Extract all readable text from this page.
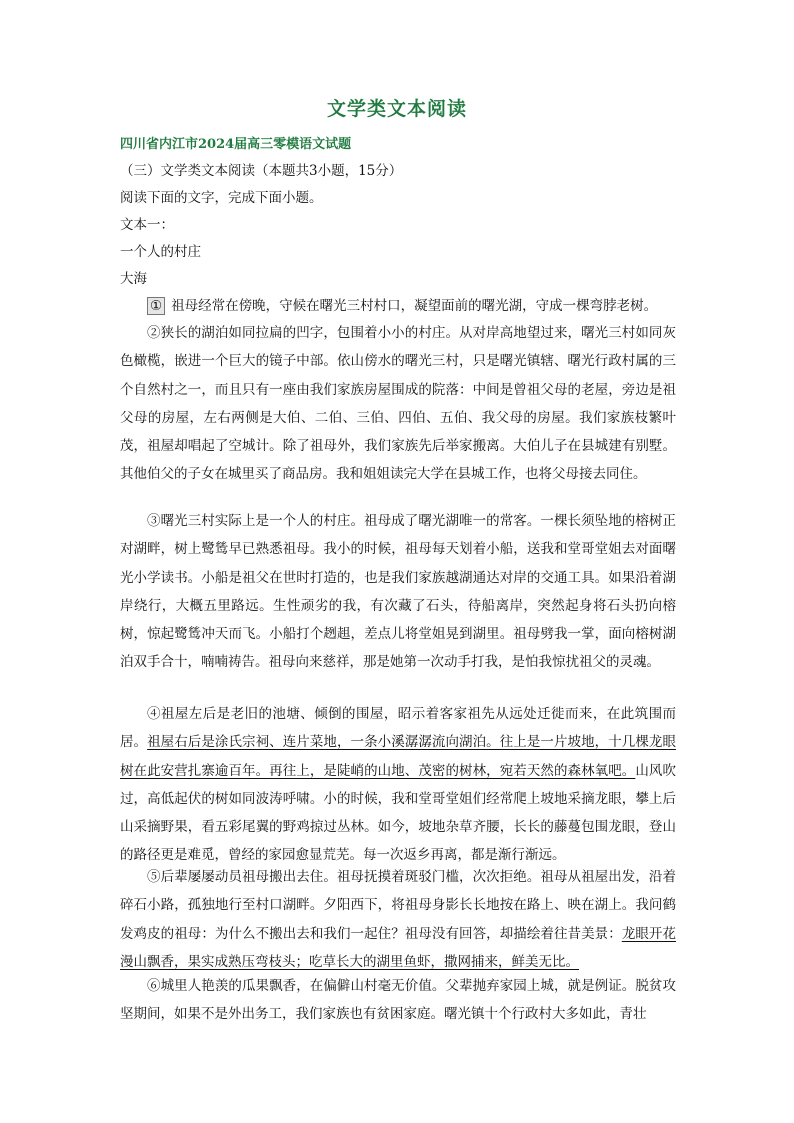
文学类文本阅读
四川省内江市2024届高三零模语文试题
（三）文学类文本阅读（本题共3小题，15分）
阅读下面的文字，完成下面小题。
文本一：
一个人的村庄
大海

① 祖母经常在傍晚，守候在曙光三村村口，凝望面前的曙光湖，守成一棵弯脖老树。

②狭长的湖泊如同拉扁的凹字，包围着小小的村庄。从对岸高地望过来，曙光三村如同灰色橄榄，嵌进一个巨大的镜子中部。依山傍水的曙光三村，只是曙光镇辖、曙光行政村属的三个自然村之一，而且只有一座由我们家族房屋围成的院落：中间是曾祖父母的老屋，旁边是祖父母的房屋，左右两侧是大伯、二伯、三伯、四伯、五伯、我父母的房屋。我们家族枝繁叶茂，祖屋却唱起了空城计。除了祖母外，我们家族先后举家搬离。大伯儿子在县城建有别墅。其他伯父的子女在城里买了商品房。我和姐姐读完大学在县城工作，也将父母接去同住。

③曙光三村实际上是一个人的村庄。祖母成了曙光湖唯一的常客。一棵长须坠地的榕树正对湖畔，树上鹭鸶早已熟悉祖母。我小的时候，祖母每天划着小船，送我和堂哥堂姐去对面曙光小学读书。小船是祖父在世时打造的，也是我们家族越湖通达对岸的交通工具。如果沿着湖岸绕行，大概五里路远。生性顽劣的我，有次藏了石头，待船离岸，突然起身将石头扔向榕树，惊起鹭鸶冲天而飞。小船打个趔趄，差点儿将堂姐晃到湖里。祖母劈我一掌，面向榕树湖泊双手合十，喃喃祷告。祖母向来慈祥，那是她第一次动手打我，是怕我惊扰祖父的灵魂。

④祖屋左后是老旧的池塘、倾倒的围屋，昭示着客家祖先从远处迁徙而来，在此筑围而居。祖屋右后是涂氏宗祠、连片菜地，一条小溪潺潺流向湖泊。往上是一片坡地，十几棵龙眼树在此安营扎寨逾百年。再往上，是陡峭的山地、茂密的树林，宛若天然的森林氧吧。山风吹过，高低起伏的树如同波涛呼啸。小的时候，我和堂哥堂姐们经常爬上坡地采摘龙眼，攀上后山采摘野果，看五彩尾翼的野鸡掠过丛林。如今，坡地杂草齐腰，长长的藤蔓包围龙眼，登山的路径更是难觅，曾经的家园愈显荒芜。每一次返乡再离，都是渐行渐远。

⑤后辈屡屡动员祖母搬出去住。祖母抚摸着斑驳门槛，次次拒绝。祖母从祖屋出发，沿着碎石小路，孤独地行至村口湖畔。夕阳西下，将祖母身影长长地按在路上、映在湖上。我问鹤发鸡皮的祖母：为什么不搬出去和我们一起住？祖母没有回答，却描绘着往昔美景：龙眼开花漫山飘香，果实成熟压弯枝头；吃草长大的湖里鱼虾，撒网捕来，鲜美无比。

⑥城里人艳羡的瓜果飘香，在偏僻山村毫无价值。父辈抛弃家园上城，就是例证。脱贫攻坚期间，如果不是外出务工，我们家族也有贫困家庭。曙光镇十个行政村大多如此，青壮
